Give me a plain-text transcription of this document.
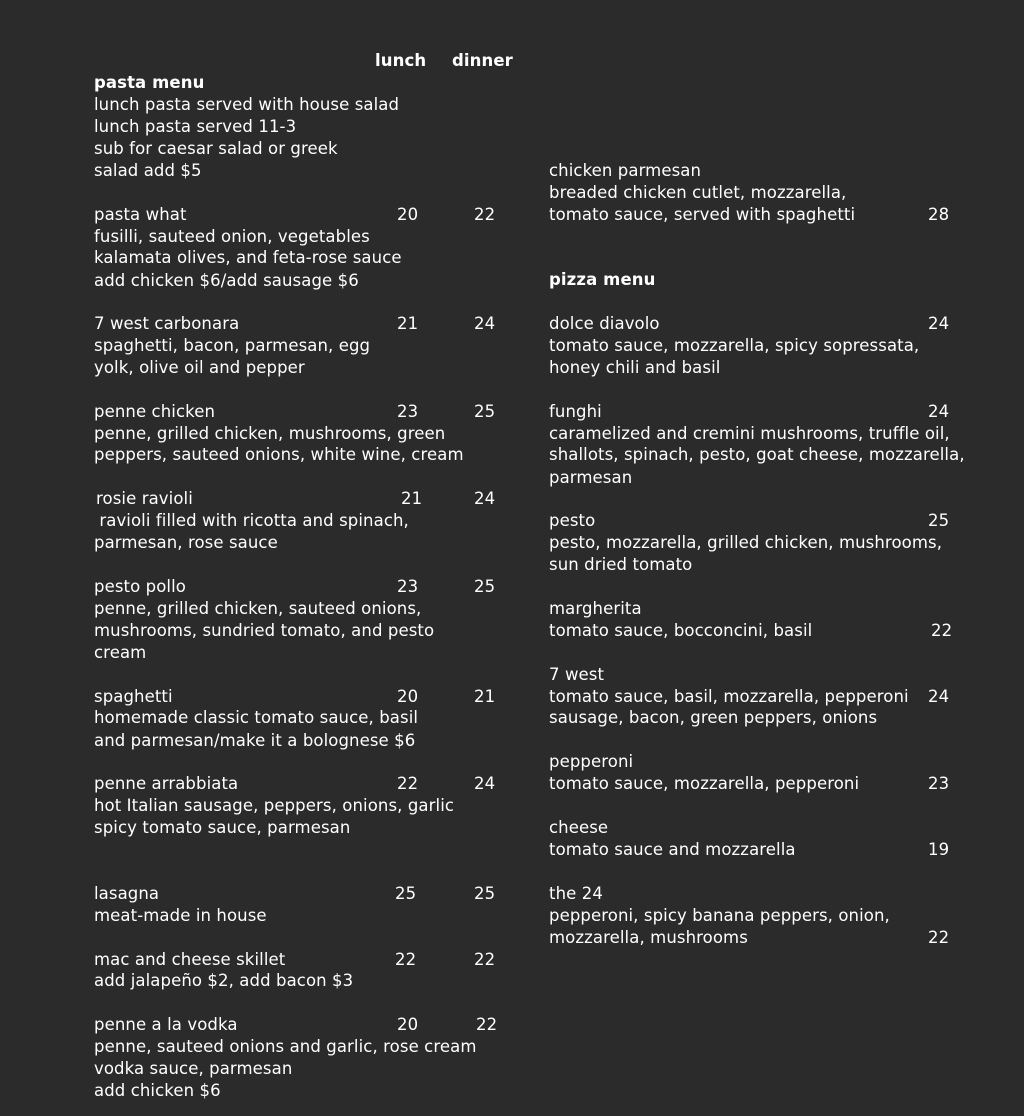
lunch dinner
pasta menu
lunch pasta served with house salad
lunch pasta served 11-3
sub for caesar salad or greek
salad add $5
pasta what	20	22
fusilli, sauteed onion, vegetables
kalamata olives, and feta-rose sauce
add chicken $6/add sausage $6
7 west carbonara	21	24
spaghetti, bacon, parmesan, egg
yolk, olive oil and pepper
penne chicken	23	25
penne, grilled chicken, mushrooms, green
peppers, sauteed onions, white wine, cream
rosie ravioli	21	24
ravioli filled with ricotta and spinach,
parmesan, rose sauce
pesto pollo	23	25
penne, grilled chicken, sauteed onions,
mushrooms, sundried tomato, and pesto
cream
spaghetti	20	21
homemade classic tomato sauce, basil
and parmesan/make it a bolognese $6
penne arrabbiata	22	24
hot Italian sausage, peppers, onions, garlic
spicy tomato sauce, parmesan
lasagna	25	25
meat-made in house
mac and cheese skillet	22	22
add jalapeño $2, add bacon $3
penne a la vodka	20	22
penne, sauteed onions and garlic, rose cream
vodka sauce, parmesan
add chicken $6
chicken parmesan
breaded chicken cutlet, mozzarella,
tomato sauce, served with spaghetti	28
pizza menu
dolce diavolo	24
tomato sauce, mozzarella, spicy sopressata,
honey chili and basil
funghi	24
caramelized and cremini mushrooms, truffle oil,
shallots, spinach, pesto, goat cheese, mozzarella,
parmesan
pesto	25
pesto, mozzarella, grilled chicken, mushrooms,
sun dried tomato
margherita
tomato sauce, bocconcini, basil	22
7 west
tomato sauce, basil, mozzarella, pepperoni 24
sausage, bacon, green peppers, onions
pepperoni
tomato sauce, mozzarella, pepperoni	23
cheese
tomato sauce and mozzarella	19
the 24
pepperoni, spicy banana peppers, onion,
mozzarella, mushrooms	22
